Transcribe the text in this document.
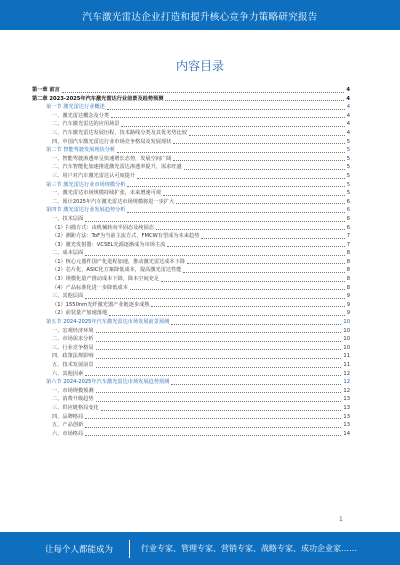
汽车激光雷达企业打造和提升核心竞争力策略研究报告
内容目录
第一章 前言	4
第二章 2023-2025年汽车激光雷达行业前景及趋势预测	4
第一节 激光雷达行业概述	4
一、激光雷达概念及分类	4
二、汽车激光雷达的应用场景	4
三、汽车激光雷达发展历程，技术路线分类及其优劣势比较	4
四、中国汽车激光雷达行业市场竞争格局及发展现状	5
第二节 智能驾驶发展现状分析	5
一、智能驾驶渗透率呈快速增长态势，发展空间广阔	5
二、汽车智能化加速推进激光雷达渗透率提升，需求旺盛	5
三、用户对汽车激光雷达认可度提升	5
第三节 激光雷达行业市场规模分析	5
一、激光雷达市场规模持续扩张，未来增速可观	5
二、预计2025年汽车激光雷达市场规模将进一步扩大	6
第四节 激光雷达行业发展趋势分析	6
一、技术层面	6
（1）扫描方式：由机械转向半固态及纯固态	6
（2）测距方法：ToF为当前主流方式，FMCW有望成为未来趋势	7
（3）激光发射器：VCSEL光源逐渐成为市场主流	7
二、成本层面	8
（1）核心元器件国产化进程加速，推动激光雷达成本下降	8
（2）芯片化、ASIC化方案降低成本，提高激光雷达性能	8
（3）规模化量产推动成本下降，降本空间充足	8
（4）产品标准化进一步降低成本	8
三、其他层面	9
（1）1550nm光纤激光器产业链逐步成熟	9
（2）前装量产加速落地	9
第五节 2024-2025年汽车激光雷达市场发展前景预测	10
一、宏观经济环境	10
二、市场需求分析	10
三、行业竞争格局	10
四、政策法规影响	11
五、技术发展前景	11
六、其他因素	12
第六节 2024-2025年汽车激光雷达市场发展趋势预测	12
一、市场规模预测	12
二、消费升级趋势	13
三、供应链格局变化	13
四、品牌格局	13
五、产品创新	13
六、市场格局	14
1
让每个人都能成为	行业专家、管理专家、营销专家、战略专家、成功企业家……
